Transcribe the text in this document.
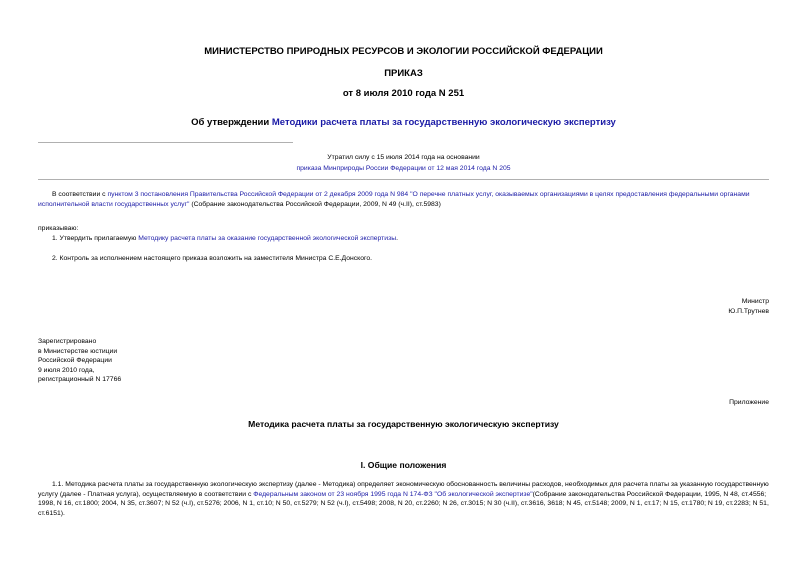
МИНИСТЕРСТВО ПРИРОДНЫХ РЕСУРСОВ И ЭКОЛОГИИ РОССИЙСКОЙ ФЕДЕРАЦИИ
ПРИКАЗ
от 8 июля 2010 года N 251
Об утверждении Методики расчета платы за государственную экологическую экспертизу
Утратил силу с 15 июля 2014 года на основании
приказа Минприроды России Федерации от 12 мая 2014 года N 205
В соответствии с пунктом 3 постановления Правительства Российской Федерации от 2 декабря 2009 года N 984 "О перечне платных услуг, оказываемых организациями в целях предоставления федеральными органами исполнительной власти государственных услуг" (Собрание законодательства Российской Федерации, 2009, N 49 (ч.II), ст.5983)
приказываю:
1. Утвердить прилагаемую Методику расчета платы за оказание государственной экологической экспертизы.
2. Контроль за исполнением настоящего приказа возложить на заместителя Министра С.Е.Донского.
Министр
Ю.П.Трутнев
Зарегистрировано
в Министерстве юстиции
Российской Федерации
9 июля 2010 года,
регистрационный N 17766
Приложение
Методика расчета платы за государственную экологическую экспертизу
I. Общие положения
1.1. Методика расчета платы за государственную экологическую экспертизу (далее - Методика) определяет экономическую обоснованность величины расходов, необходимых для расчета платы за указанную государственную услугу (далее - Платная услуга), осуществляемую в соответствии с Федеральным законом от 23 ноября 1995 года N 174-ФЗ "Об экологической экспертизе"(Собрание законодательства Российской Федерации, 1995, N 48, ст.4556; 1998, N 16, ст.1800; 2004, N 35, ст.3607; N 52 (ч.I), ст.5276; 2006, N 1, ст.10; N 50, ст.5279; N 52 (ч.I), ст.5498; 2008, N 20, ст.2260; N 26, ст.3015; N 30 (ч.II), ст.3616, 3618; N 45, ст.5148; 2009, N 1, ст.17; N 15, ст.1780; N 19, ст.2283; N 51, ст.6151).
